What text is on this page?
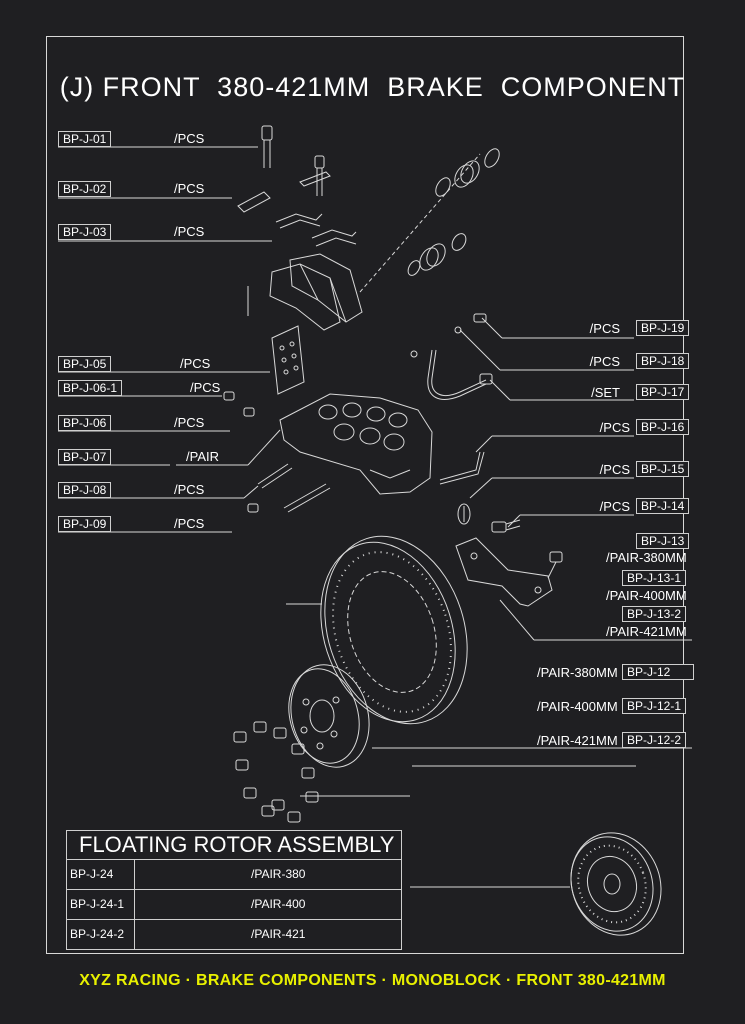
(J) FRONT  380-421MM  BRAKE  COMPONENT
BP-J-01	/PCS
BP-J-02	/PCS
BP-J-03	/PCS
BP-J-05	/PCS
BP-J-06-1	/PCS
BP-J-06	/PCS
BP-J-07	/PAIR
BP-J-08	/PCS
BP-J-09	/PCS
/PCS	BP-J-19
/PCS	BP-J-18
/SET	BP-J-17
/PCS BP-J-16
/PCS BP-J-15
/PCS BP-J-14
BP-J-13
/PAIR-380MM
BP-J-13-1
/PAIR-400MM
BP-J-13-2
/PAIR-421MM
/PAIR-380MM BP-J-12
/PAIR-400MM BP-J-12-1
/PAIR-421MM BP-J-12-2
FLOATING ROTOR ASSEMBLY
BP-J-24	/PAIR-380
BP-J-24-1	/PAIR-400
BP-J-24-2	/PAIR-421
XYZ RACING · BRAKE COMPONENTS · MONOBLOCK · FRONT 380-421MM
